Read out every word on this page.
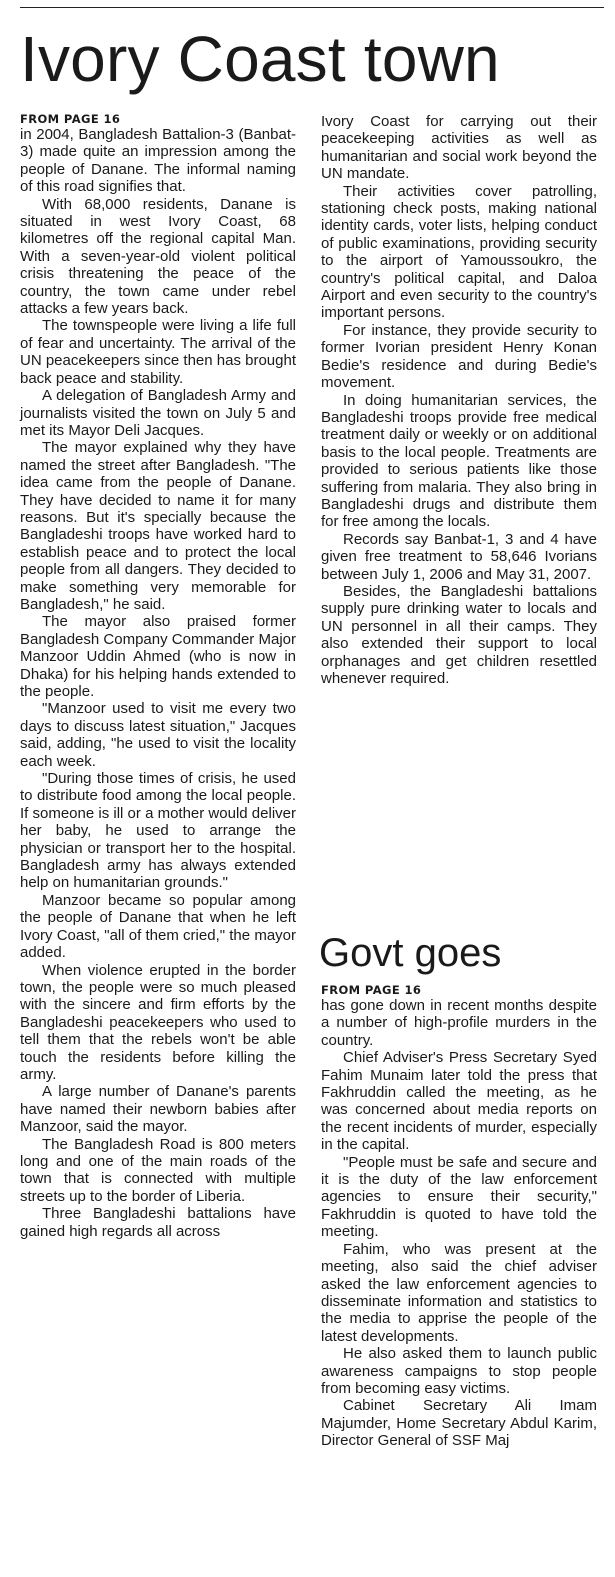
Ivory Coast town
FROM PAGE 16

in 2004, Bangladesh Battalion-3 (Banbat-3) made quite an impression among the people of Danane. The informal naming of this road signifies that.

With 68,000 residents, Danane is situated in west Ivory Coast, 68 kilometres off the regional capital Man. With a seven-year-old violent political crisis threatening the peace of the country, the town came under rebel attacks a few years back.

The townspeople were living a life full of fear and uncertainty. The arrival of the UN peacekeepers since then has brought back peace and stability.

A delegation of Bangladesh Army and journalists visited the town on July 5 and met its Mayor Deli Jacques.

The mayor explained why they have named the street after Bangladesh. "The idea came from the people of Danane. They have decided to name it for many reasons. But it's specially because the Bangladeshi troops have worked hard to establish peace and to protect the local people from all dangers. They decided to make something very memorable for Bangladesh," he said.

The mayor also praised former Bangladesh Company Commander Major Manzoor Uddin Ahmed (who is now in Dhaka) for his helping hands extended to the people.

"Manzoor used to visit me every two days to discuss latest situation," Jacques said, adding, "he used to visit the locality each week.

"During those times of crisis, he used to distribute food among the local people. If someone is ill or a mother would deliver her baby, he used to arrange the physician or transport her to the hospital. Bangladesh army has always extended help on humanitarian grounds."

Manzoor became so popular among the people of Danane that when he left Ivory Coast, "all of them cried," the mayor added.

When violence erupted in the border town, the people were so much pleased with the sincere and firm efforts by the Bangladeshi peacekeepers who used to tell them that the rebels won't be able touch the residents before killing the army.

A large number of Danane's parents have named their newborn babies after Manzoor, said the mayor.

The Bangladesh Road is 800 meters long and one of the main roads of the town that is connected with multiple streets up to the border of Liberia.

Three Bangladeshi battalions have gained high regards all across

Ivory Coast for carrying out their peacekeeping activities as well as humanitarian and social work beyond the UN mandate.

Their activities cover patrolling, stationing check posts, making national identity cards, voter lists, helping conduct of public examinations, providing security to the airport of Yamoussoukro, the country's political capital, and Daloa Airport and even security to the country's important persons.

For instance, they provide security to former Ivorian president Henry Konan Bedie's residence and during Bedie's movement.

In doing humanitarian services, the Bangladeshi troops provide free medical treatment daily or weekly or on additional basis to the local people. Treatments are provided to serious patients like those suffering from malaria. They also bring in Bangladeshi drugs and distribute them for free among the locals.

Records say Banbat-1, 3 and 4 have given free treatment to 58,646 Ivorians between July 1, 2006 and May 31, 2007.

Besides, the Bangladeshi battalions supply pure drinking water to locals and UN personnel in all their camps. They also extended their support to local orphanages and get children resettled whenever required.

Govt goes
FROM PAGE 16

has gone down in recent months despite a number of high-profile murders in the country.

Chief Adviser's Press Secretary Syed Fahim Munaim later told the press that Fakhruddin called the meeting, as he was concerned about media reports on the recent incidents of murder, especially in the capital.

"People must be safe and secure and it is the duty of the law enforcement agencies to ensure their security," Fakhruddin is quoted to have told the meeting.

Fahim, who was present at the meeting, also said the chief adviser asked the law enforcement agencies to disseminate information and statistics to the media to apprise the people of the latest developments.

He also asked them to launch public awareness campaigns to stop people from becoming easy victims.

Cabinet Secretary Ali Imam Majumder, Home Secretary Abdul Karim, Director General of SSF Maj
